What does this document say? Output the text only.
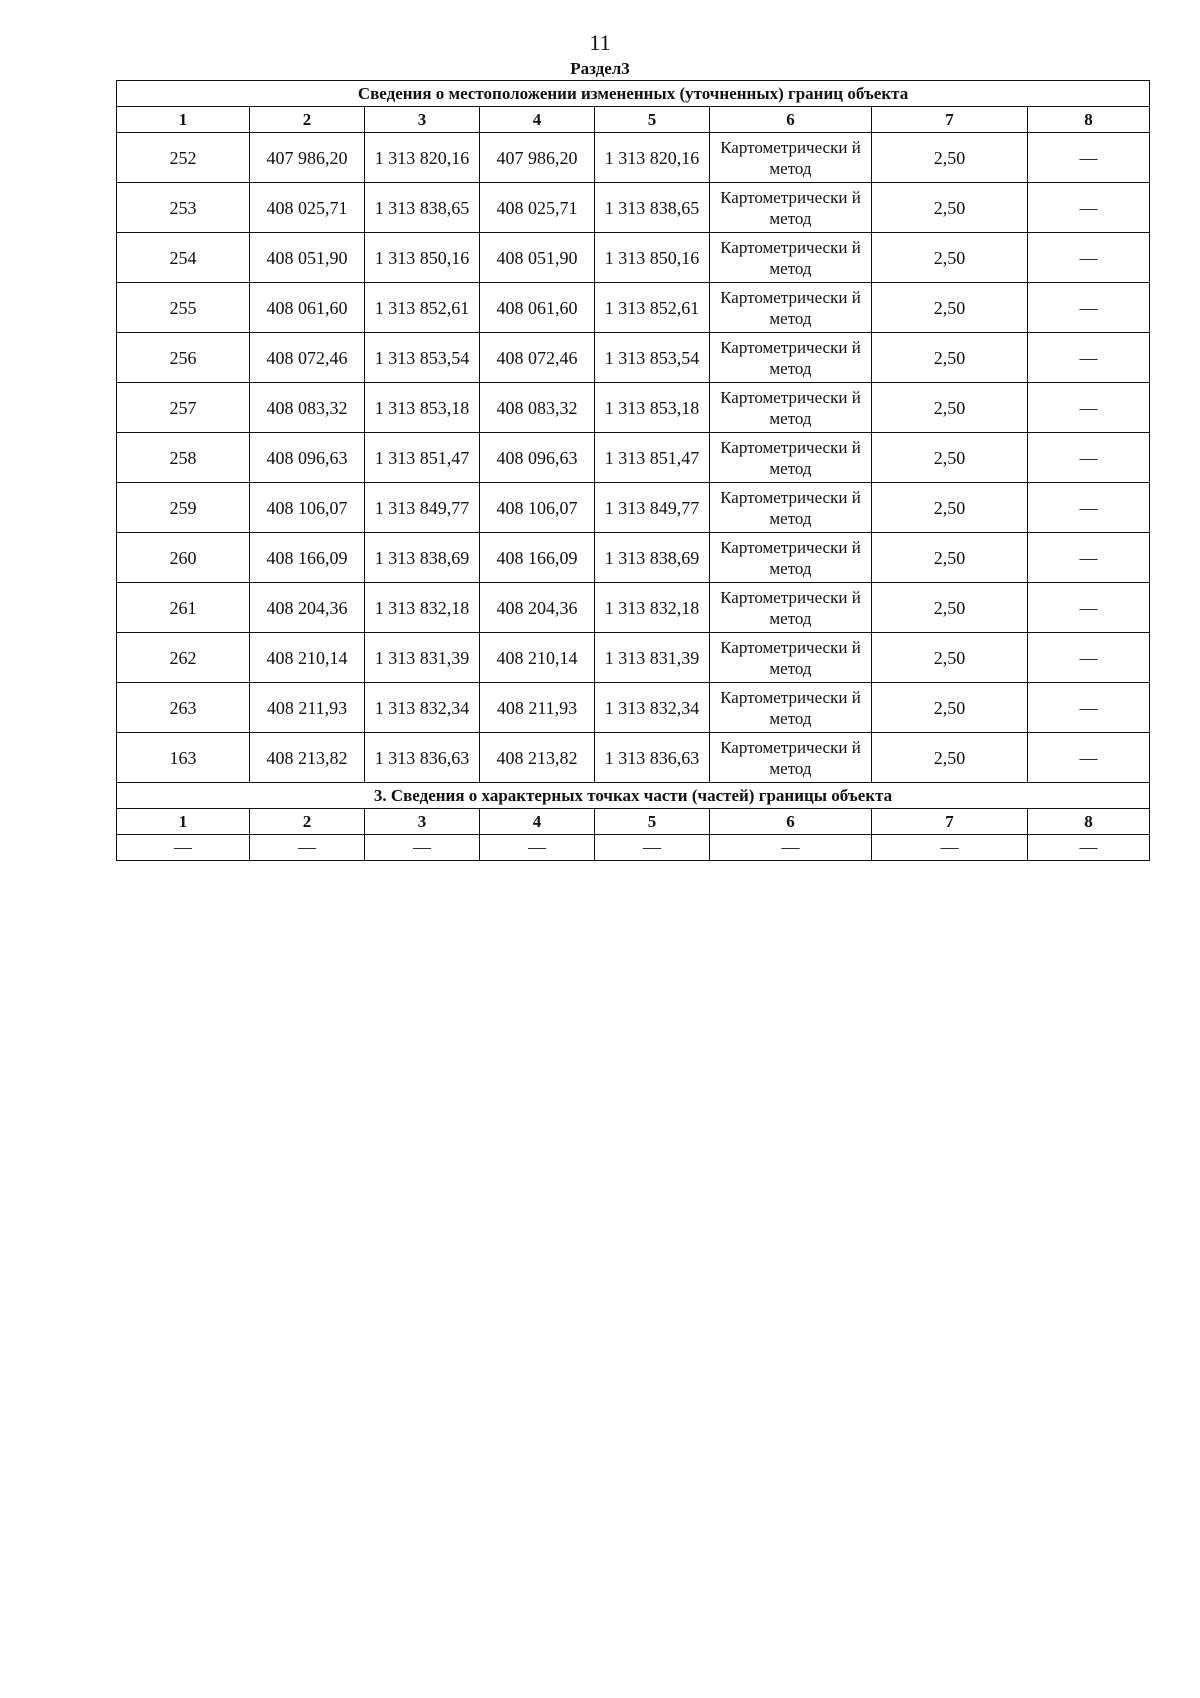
11
Раздел3
Сведения о местоположении измененных (уточненных) границ объекта							
1	2	3	4	5	6	7	8
252	407 986,20	1 313 820,16	407 986,20	1 313 820,16	Картометрически й метод	2,50	—
253	408 025,71	1 313 838,65	408 025,71	1 313 838,65	Картометрически й метод	2,50	—
254	408 051,90	1 313 850,16	408 051,90	1 313 850,16	Картометрически й метод	2,50	—
255	408 061,60	1 313 852,61	408 061,60	1 313 852,61	Картометрически й метод	2,50	—
256	408 072,46	1 313 853,54	408 072,46	1 313 853,54	Картометрически й метод	2,50	—
257	408 083,32	1 313 853,18	408 083,32	1 313 853,18	Картометрически й метод	2,50	—
258	408 096,63	1 313 851,47	408 096,63	1 313 851,47	Картометрически й метод	2,50	—
259	408 106,07	1 313 849,77	408 106,07	1 313 849,77	Картометрически й метод	2,50	—
260	408 166,09	1 313 838,69	408 166,09	1 313 838,69	Картометрически й метод	2,50	—
261	408 204,36	1 313 832,18	408 204,36	1 313 832,18	Картометрически й метод	2,50	—
262	408 210,14	1 313 831,39	408 210,14	1 313 831,39	Картометрически й метод	2,50	—
263	408 211,93	1 313 832,34	408 211,93	1 313 832,34	Картометрически й метод	2,50	—
163	408 213,82	1 313 836,63	408 213,82	1 313 836,63	Картометрически й метод	2,50	—
3. Сведения о характерных точках части (частей) границы объекта							
1	2	3	4	5	6	7	8
—	—	—	—	—	—	—	—
